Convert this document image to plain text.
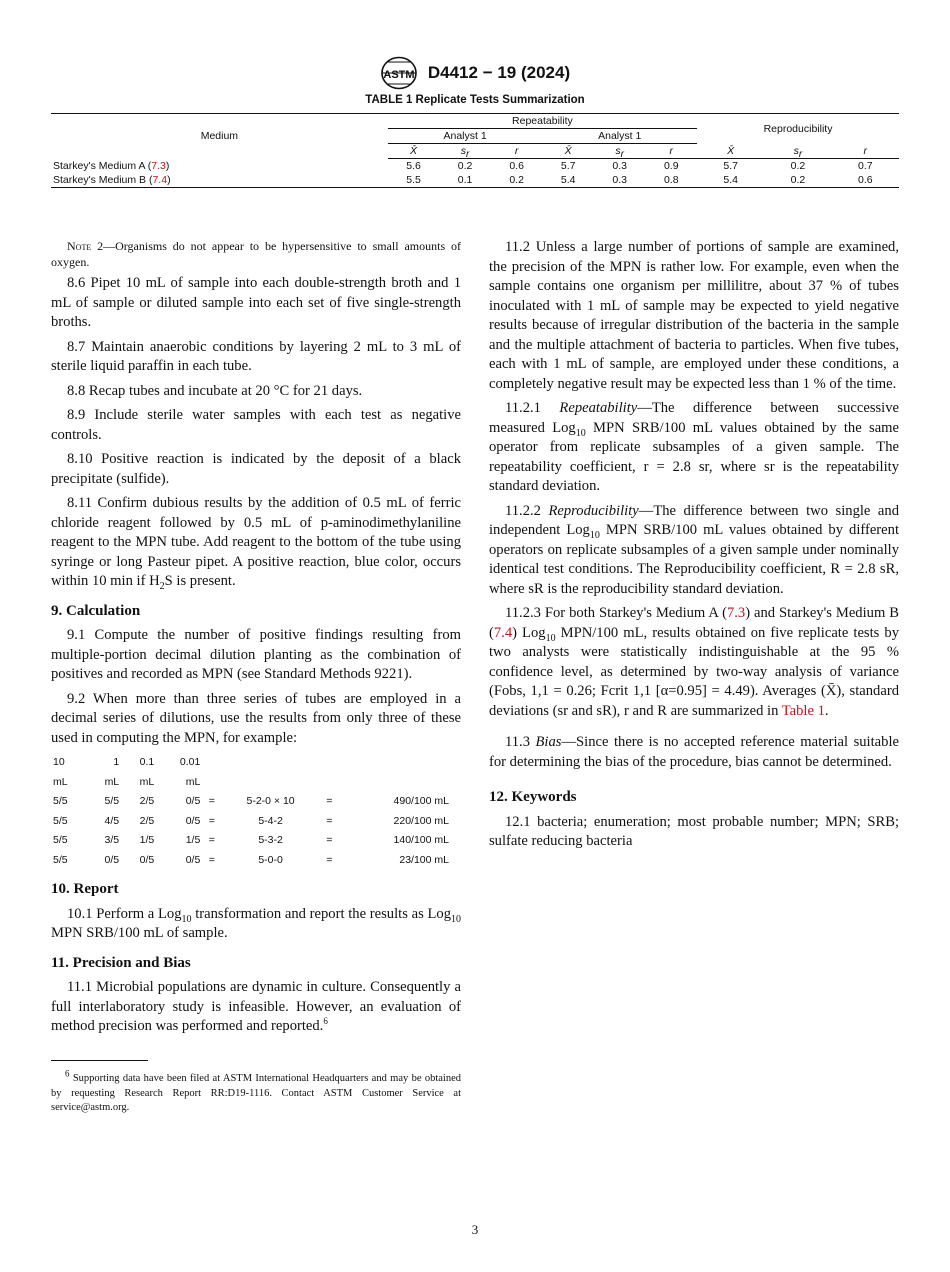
ASTM D4412 − 19 (2024)
TABLE 1 Replicate Tests Summarization
Medium	Repeatability						Reproducibility		
	Analyst 1			Analyst 1					
	X̄	$s_r$	r	X̄	$s_r$	r	X̄	$s_r$	r
Starkey's Medium A (7.3)	5.6	0.2	0.6	5.7	0.3	0.9	5.7	0.2	0.7
Starkey's Medium B (7.4)	5.5	0.1	0.2	5.4	0.3	0.8	5.4	0.2	0.6

Note 2—Organisms do not appear to be hypersensitive to small amounts of oxygen.

8.6 Pipet 10 mL of sample into each double-strength broth and 1 mL of sample or diluted sample into each set of five single-strength broths.

8.7 Maintain anaerobic conditions by layering 2 mL to 3 mL of sterile liquid paraffin in each tube.

8.8 Recap tubes and incubate at 20 °C for 21 days.

8.9 Include sterile water samples with each test as negative controls.

8.10 Positive reaction is indicated by the deposit of a black precipitate (sulfide).

8.11 Confirm dubious results by the addition of 0.5 mL of ferric chloride reagent followed by 0.5 mL of p-aminodimethylaniline reagent to the MPN tube. Add reagent to the bottom of the tube using syringe or long Pasteur pipet. A positive reaction, blue color, occurs within 10 min if $H_2S$ is present.

9. Calculation

9.1 Compute the number of positive findings resulting from multiple-portion decimal dilution planting as the combination of positives and recorded as MPN (see Standard Methods 9221).

9.2 When more than three series of tubes are employed in a decimal series of dilutions, use the results from only three of these used in computing the MPN, for example:

10	1	0.1	0.01				
mL	mL	mL	mL				
5/5	5/5	2/5	0/5	=	5-2-0 × 10	=	490/100 mL
5/5	4/5	2/5	0/5	=	5-4-2	=	220/100 mL
5/5	3/5	1/5	1/5	=	5-3-2	=	140/100 mL
5/5	0/5	0/5	0/5	=	5-0-0	=	23/100 mL
10. Report

10.1 Perform a Log$_{10}$ transformation and report the results as Log$_{10}$ MPN SRB/100 mL of sample.

11. Precision and Bias

11.1 Microbial populations are dynamic in culture. Consequently a full interlaboratory study is infeasible. However, an evaluation of method precision was performed and reported.$^6$

11.2 Unless a large number of portions of sample are examined, the precision of the MPN is rather low. For example, even when the sample contains one organism per millilitre, about 37 % of tubes inoculated with 1 mL of sample may be expected to yield negative results because of irregular distribution of the bacteria in the sample and the multiple attachment of bacteria to particles. When five tubes, each with 1 mL of sample, are employed under these conditions, a completely negative result may be expected less than 1 % of the time.

11.2.1 Repeatability—The difference between successive measured Log$_{10}$ MPN SRB/100 mL values obtained by the same operator from replicate subsamples of a given sample. The repeatability coefficient, r = 2.8 sr, where sr is the repeatability standard deviation.

11.2.2 Reproducibility—The difference between two single and independent Log$_{10}$ MPN SRB/100 mL values obtained by different operators on replicate subsamples of a given sample under nominally identical test conditions. The Reproducibility coefficient, R = 2.8 sR, where sR is the reproducibility standard deviation.

11.2.3 For both Starkey's Medium A (7.3) and Starkey's Medium B (7.4) Log$_{10}$ MPN/100 mL, results obtained on five replicate tests by two analysts were statistically indistinguishable at the 95 % confidence level, as determined by two-way analysis of variance (Fobs, 1,1 = 0.26; Fcrit 1,1 [α=0.95] = 4.49). Averages (X̄), standard deviations (sr and sR), r and R are summarized in Table 1.

11.3 Bias—Since there is no accepted reference material suitable for determining the bias of the procedure, bias cannot be determined.

12. Keywords

12.1 bacteria; enumeration; most probable number; MPN; SRB; sulfate reducing bacteria

$^6$ Supporting data have been filed at ASTM International Headquarters and may be obtained by requesting Research Report RR:D19-1116. Contact ASTM Customer Service at service@astm.org.
3
